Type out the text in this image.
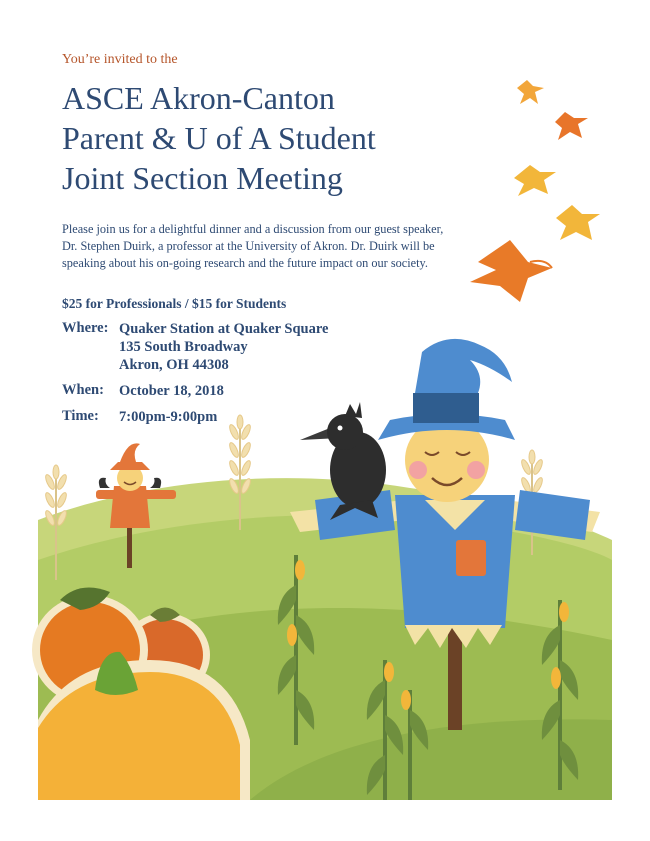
You’re invited to the
ASCE Akron-Canton
Parent & U of A Student
Joint Section Meeting
Please join us for a delightful dinner and a discussion from our guest speaker,
Dr. Stephen Duirk, a professor at the University of Akron. Dr. Duirk will be
speaking about his on-going research and the future impact on our society.
$25 for Professionals / $15 for Students
Where: Quaker Station at Quaker Square
135 South Broadway
Akron, OH 44308
When:	October 18, 2018
Time:	7:00pm-9:00pm
